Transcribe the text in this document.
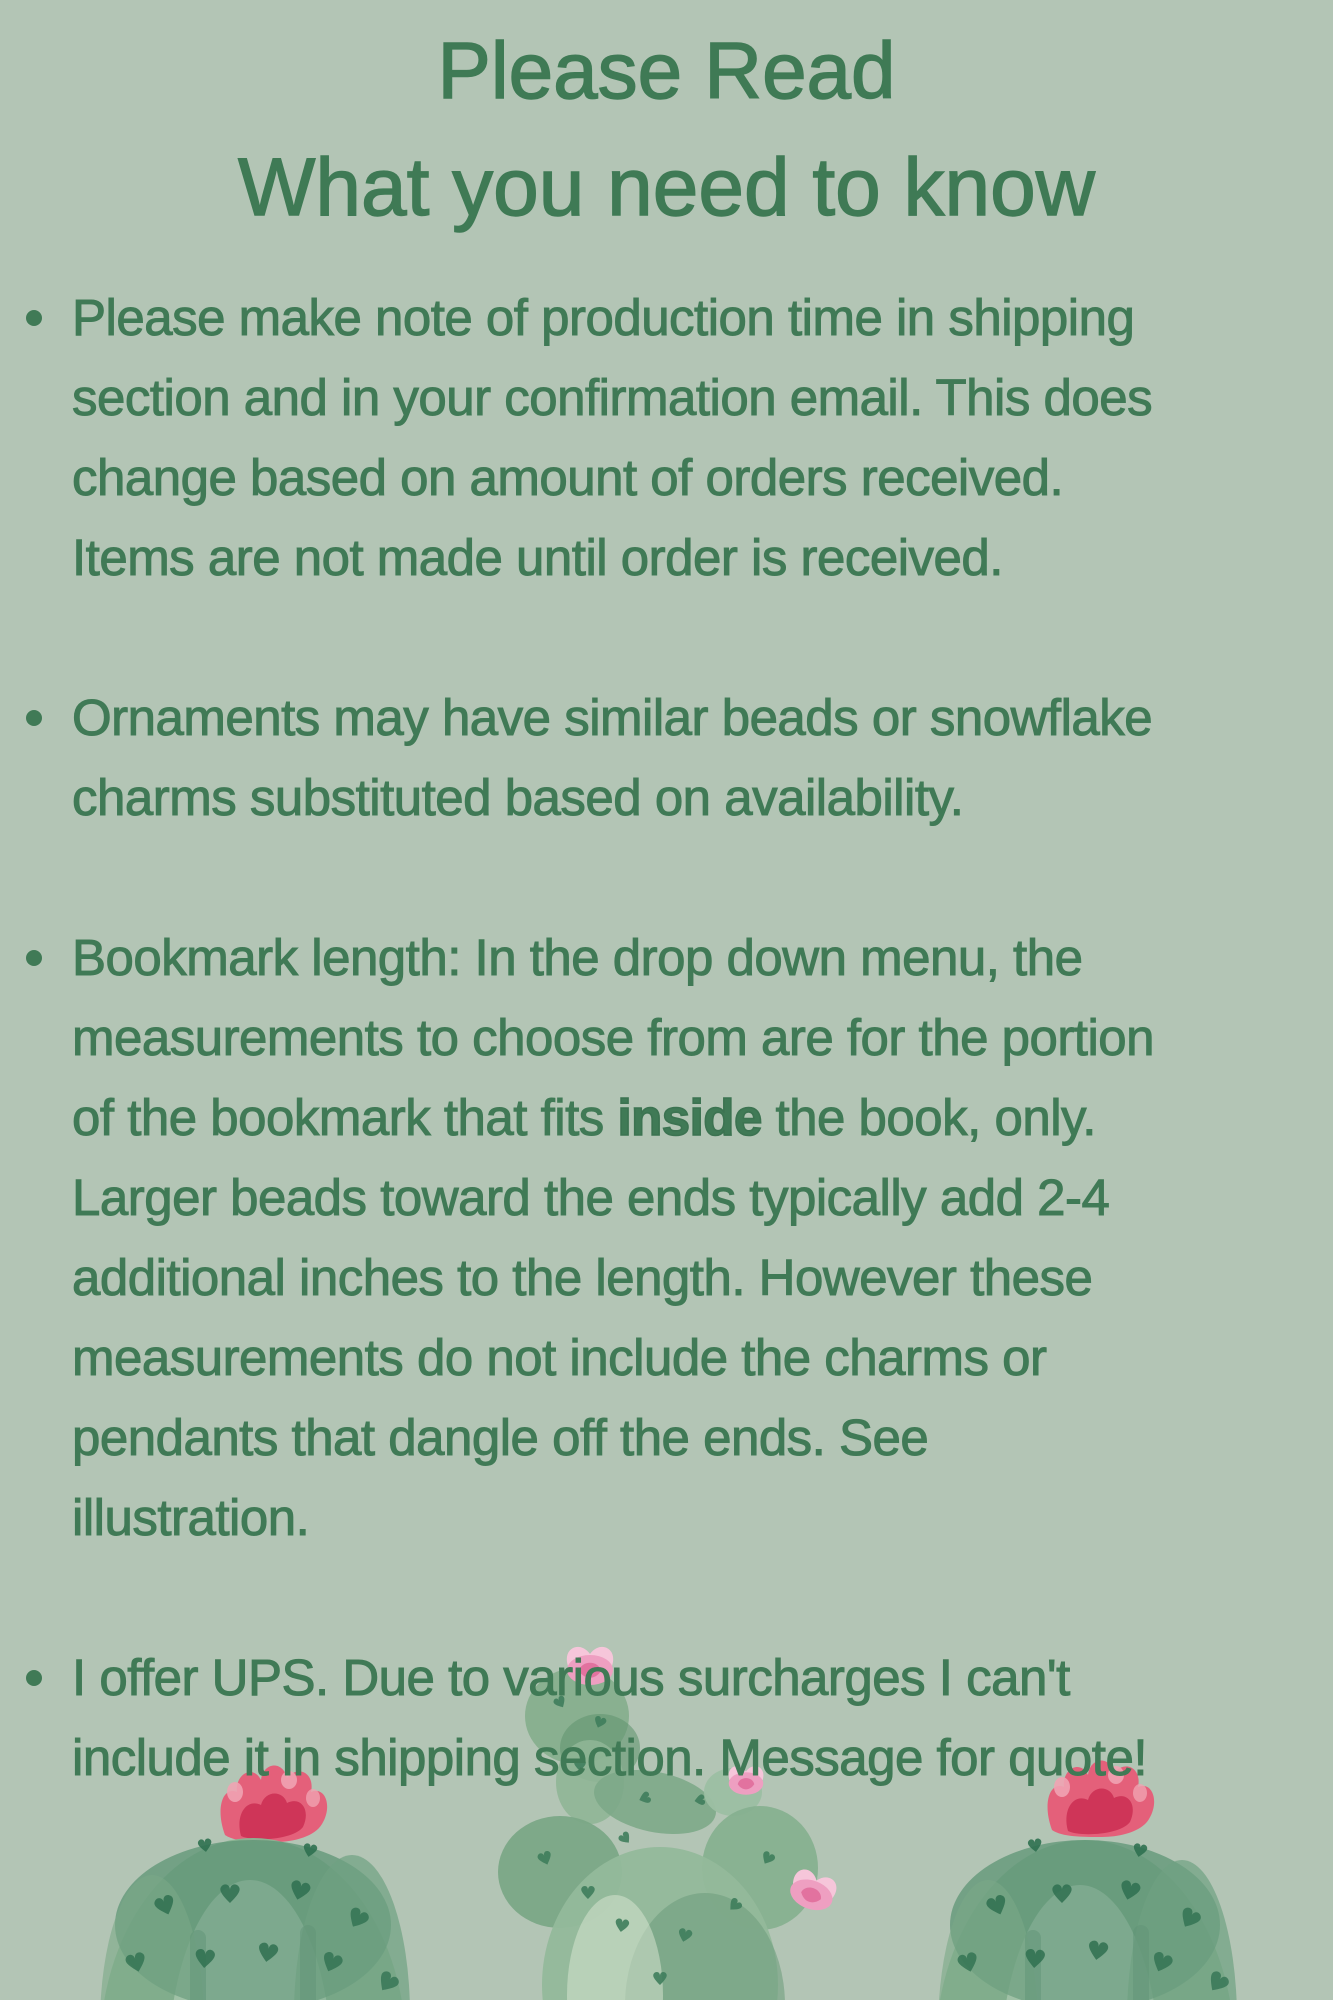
Please Read
What you need to know
Please make note of production time in shipping
section and in your confirmation email. This does
change based on amount of orders received.
Items are not made until order is received.
Ornaments may have similar beads or snowflake
charms substituted based on availability.
Bookmark length: In the drop down menu, the
measurements to choose from are for the portion
of the bookmark that fits inside the book, only.
Larger beads toward the ends typically add 2-4
additional inches to the length. However these
measurements do not include the charms or
pendants that dangle off the ends. See
illustration.
I offer UPS. Due to various surcharges I can't
include it in shipping section. Message for quote!
